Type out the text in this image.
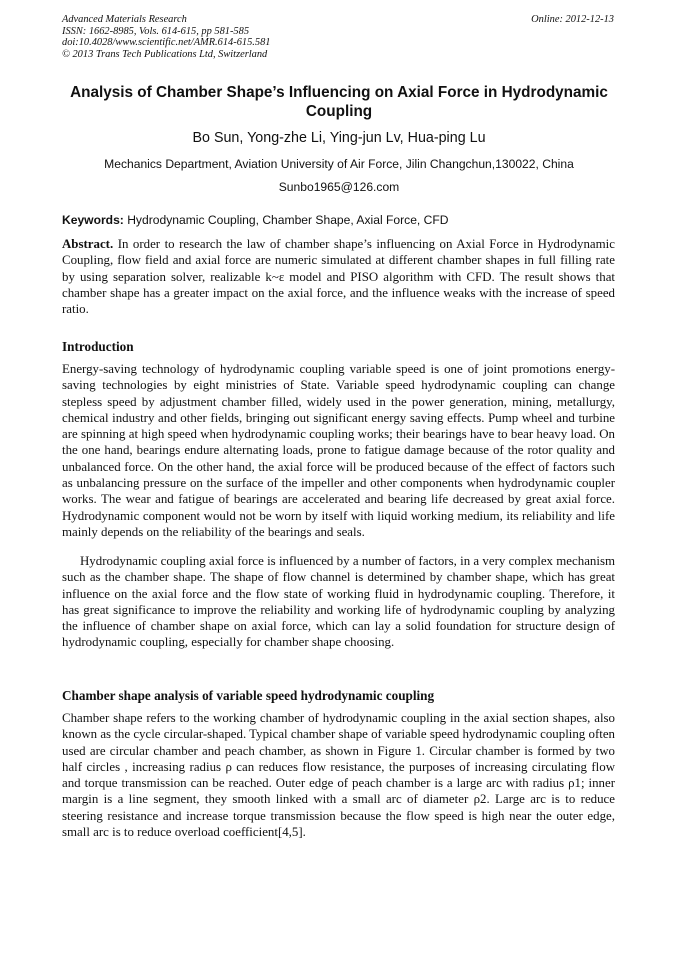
Advanced Materials Research
ISSN: 1662-8985, Vols. 614-615, pp 581-585
doi:10.4028/www.scientific.net/AMR.614-615.581
© 2013 Trans Tech Publications Ltd, Switzerland
Online: 2012-12-13
Analysis of Chamber Shape’s Influencing on Axial Force in Hydrodynamic Coupling
Bo Sun, Yong-zhe Li, Ying-jun Lv, Hua-ping Lu
Mechanics Department, Aviation University of Air Force, Jilin Changchun,130022, China
Sunbo1965@126.com
Keywords: Hydrodynamic Coupling, Chamber Shape, Axial Force, CFD
Abstract. In order to research the law of chamber shape’s influencing on Axial Force in Hydrodynamic Coupling, flow field and axial force are numeric simulated at different chamber shapes in full filling rate by using separation solver, realizable k~ε model and PISO algorithm with CFD. The result shows that chamber shape has a greater impact on the axial force, and the influence weaks with the increase of speed ratio.
Introduction
Energy-saving technology of hydrodynamic coupling variable speed is one of joint promotions energy-saving technologies by eight ministries of State. Variable speed hydrodynamic coupling can change stepless speed by adjustment chamber filled, widely used in the power generation, mining, metallurgy, chemical industry and other fields, bringing out significant energy saving effects. Pump wheel and turbine are spinning at high speed when hydrodynamic coupling works; their bearings have to bear heavy load. On the one hand, bearings endure alternating loads, prone to fatigue damage because of the rotor quality and unbalanced force. On the other hand, the axial force will be produced because of the effect of factors such as unbalancing pressure on the surface of the impeller and other components when hydrodynamic coupler works. The wear and fatigue of bearings are accelerated and bearing life decreased by great axial force. Hydrodynamic component would not be worn by itself with liquid working medium, its reliability and life mainly depends on the reliability of the bearings and seals.
Hydrodynamic coupling axial force is influenced by a number of factors, in a very complex mechanism such as the chamber shape. The shape of flow channel is determined by chamber shape, which has great influence on the axial force and the flow state of working fluid in hydrodynamic coupling. Therefore, it has great significance to improve the reliability and working life of hydrodynamic coupling by analyzing the influence of chamber shape on axial force, which can lay a solid foundation for structure design of hydrodynamic coupling, especially for chamber shape choosing.
Chamber shape analysis of variable speed hydrodynamic coupling
Chamber shape refers to the working chamber of hydrodynamic coupling in the axial section shapes, also known as the cycle circular-shaped. Typical chamber shape of variable speed hydrodynamic coupling often used are circular chamber and peach chamber, as shown in Figure 1. Circular chamber is formed by two half circles , increasing radius ρ can reduces flow resistance, the purposes of increasing circulating flow and torque transmission can be reached. Outer edge of peach chamber is a large arc with radius ρ1; inner margin is a line segment, they smooth linked with a small arc of diameter ρ2. Large arc is to reduce steering resistance and increase torque transmission because the flow speed is high near the outer edge, small arc is to reduce overload coefficient[4,5].
